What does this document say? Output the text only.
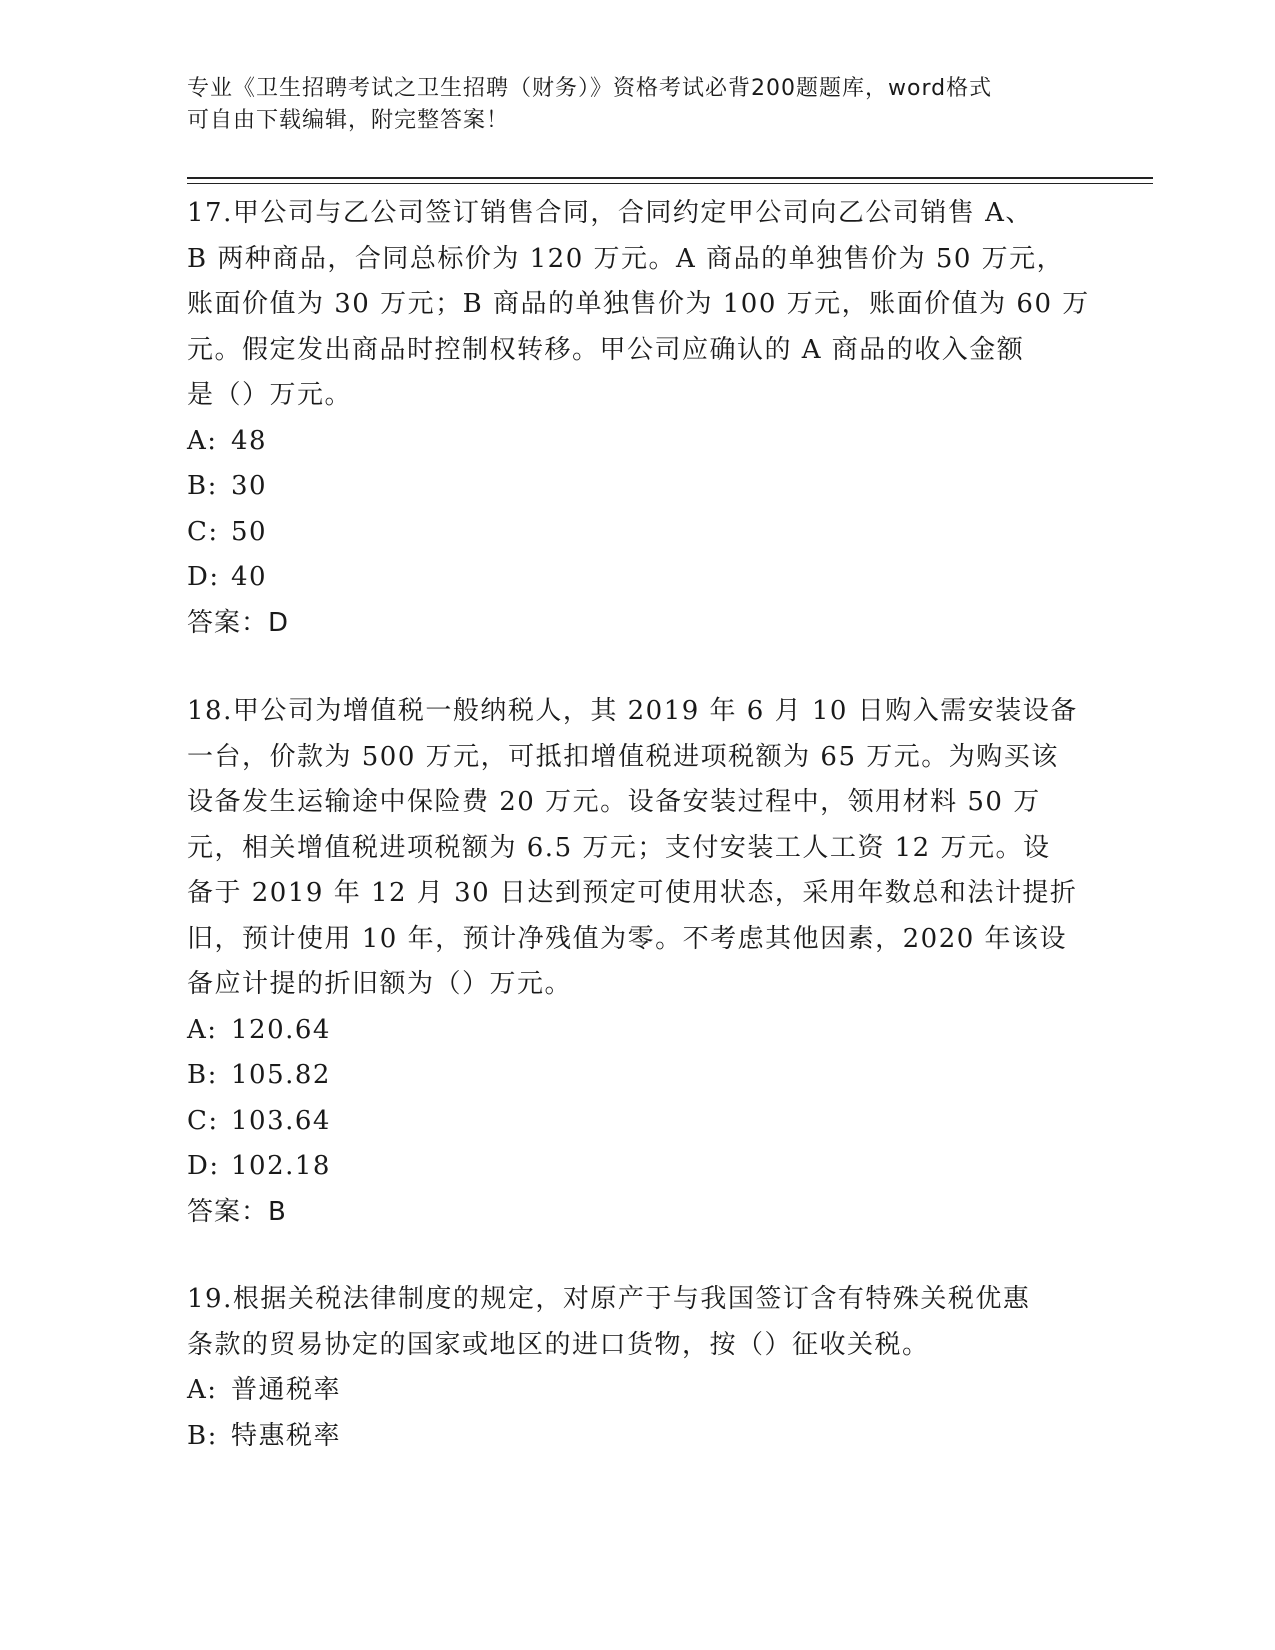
专业《卫生招聘考试之卫生招聘（财务）》资格考试必背200题题库，word格式
可自由下载编辑，附完整答案！
17.甲公司与乙公司签订销售合同，合同约定甲公司向乙公司销售 A、
B 两种商品，合同总标价为 120 万元。A 商品的单独售价为 50 万元，
账面价值为 30 万元；B 商品的单独售价为 100 万元，账面价值为 60 万
元。假定发出商品时控制权转移。甲公司应确认的 A 商品的收入金额
是（）万元。
A: 48
B: 30
C: 50
D: 40
答案：D
18.甲公司为增值税一般纳税人，其 2019 年 6 月 10 日购入需安装设备
一台，价款为 500 万元，可抵扣增值税进项税额为 65 万元。为购买该
设备发生运输途中保险费 20 万元。设备安装过程中，领用材料 50 万
元，相关增值税进项税额为 6.5 万元；支付安装工人工资 12 万元。设
备于 2019 年 12 月 30 日达到预定可使用状态，采用年数总和法计提折
旧，预计使用 10 年，预计净残值为零。不考虑其他因素，2020 年该设
备应计提的折旧额为（）万元。
A: 120.64
B: 105.82
C: 103.64
D: 102.18
答案：B
19.根据关税法律制度的规定，对原产于与我国签订含有特殊关税优惠
条款的贸易协定的国家或地区的进口货物，按（）征收关税。
A: 普通税率
B: 特惠税率
